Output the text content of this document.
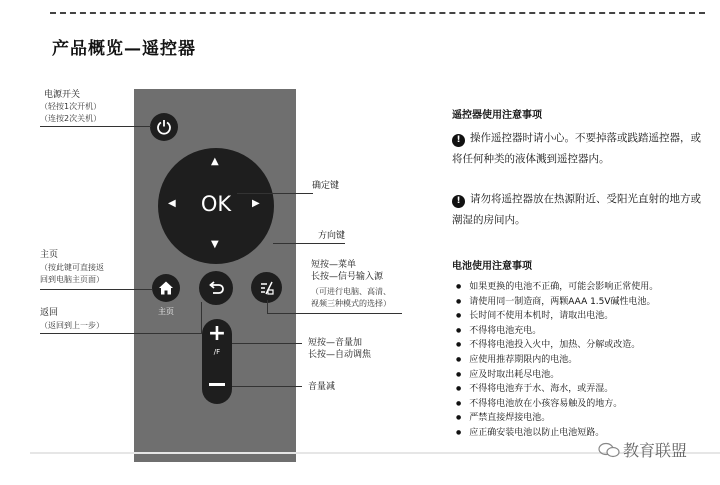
产品概览—遥控器
▲
▼
◀	▶
OK
主页
+
/F
电源开关
（轻按1次开机）
（连按2次关机）
确定键
方向键
主页
（按此键可直接返
回到电脑主页面）
返回
（返回到上一步）
短按—菜单
长按—信号输入源
（可进行电脑、高清、
视频三种模式的选择）
短按—音量加
长按—自动调焦
音量减
遥控器使用注意事项
! 操作遥控器时请小心。不要掉落或践踏遥控器，或将任何种类的液体溅到遥控器内。
! 请勿将遥控器放在热源附近、受阳光直射的地方或潮湿的房间内。
电池使用注意事项
● 如果更换的电池不正确，可能会影响正常使用。
● 请使用同一制造商，两颗AAA 1.5V碱性电池。
● 长时间不使用本机时，请取出电池。
● 不得将电池充电。
● 不得将电池投入火中，加热、分解或改造。
● 应使用推荐期限内的电池。
● 应及时取出耗尽电池。
● 不得将电池弃于水、海水，或弄湿。
● 不得将电池放在小孩容易触及的地方。
● 严禁直接焊接电池。
● 应正确安装电池以防止电池短路。
教育联盟
